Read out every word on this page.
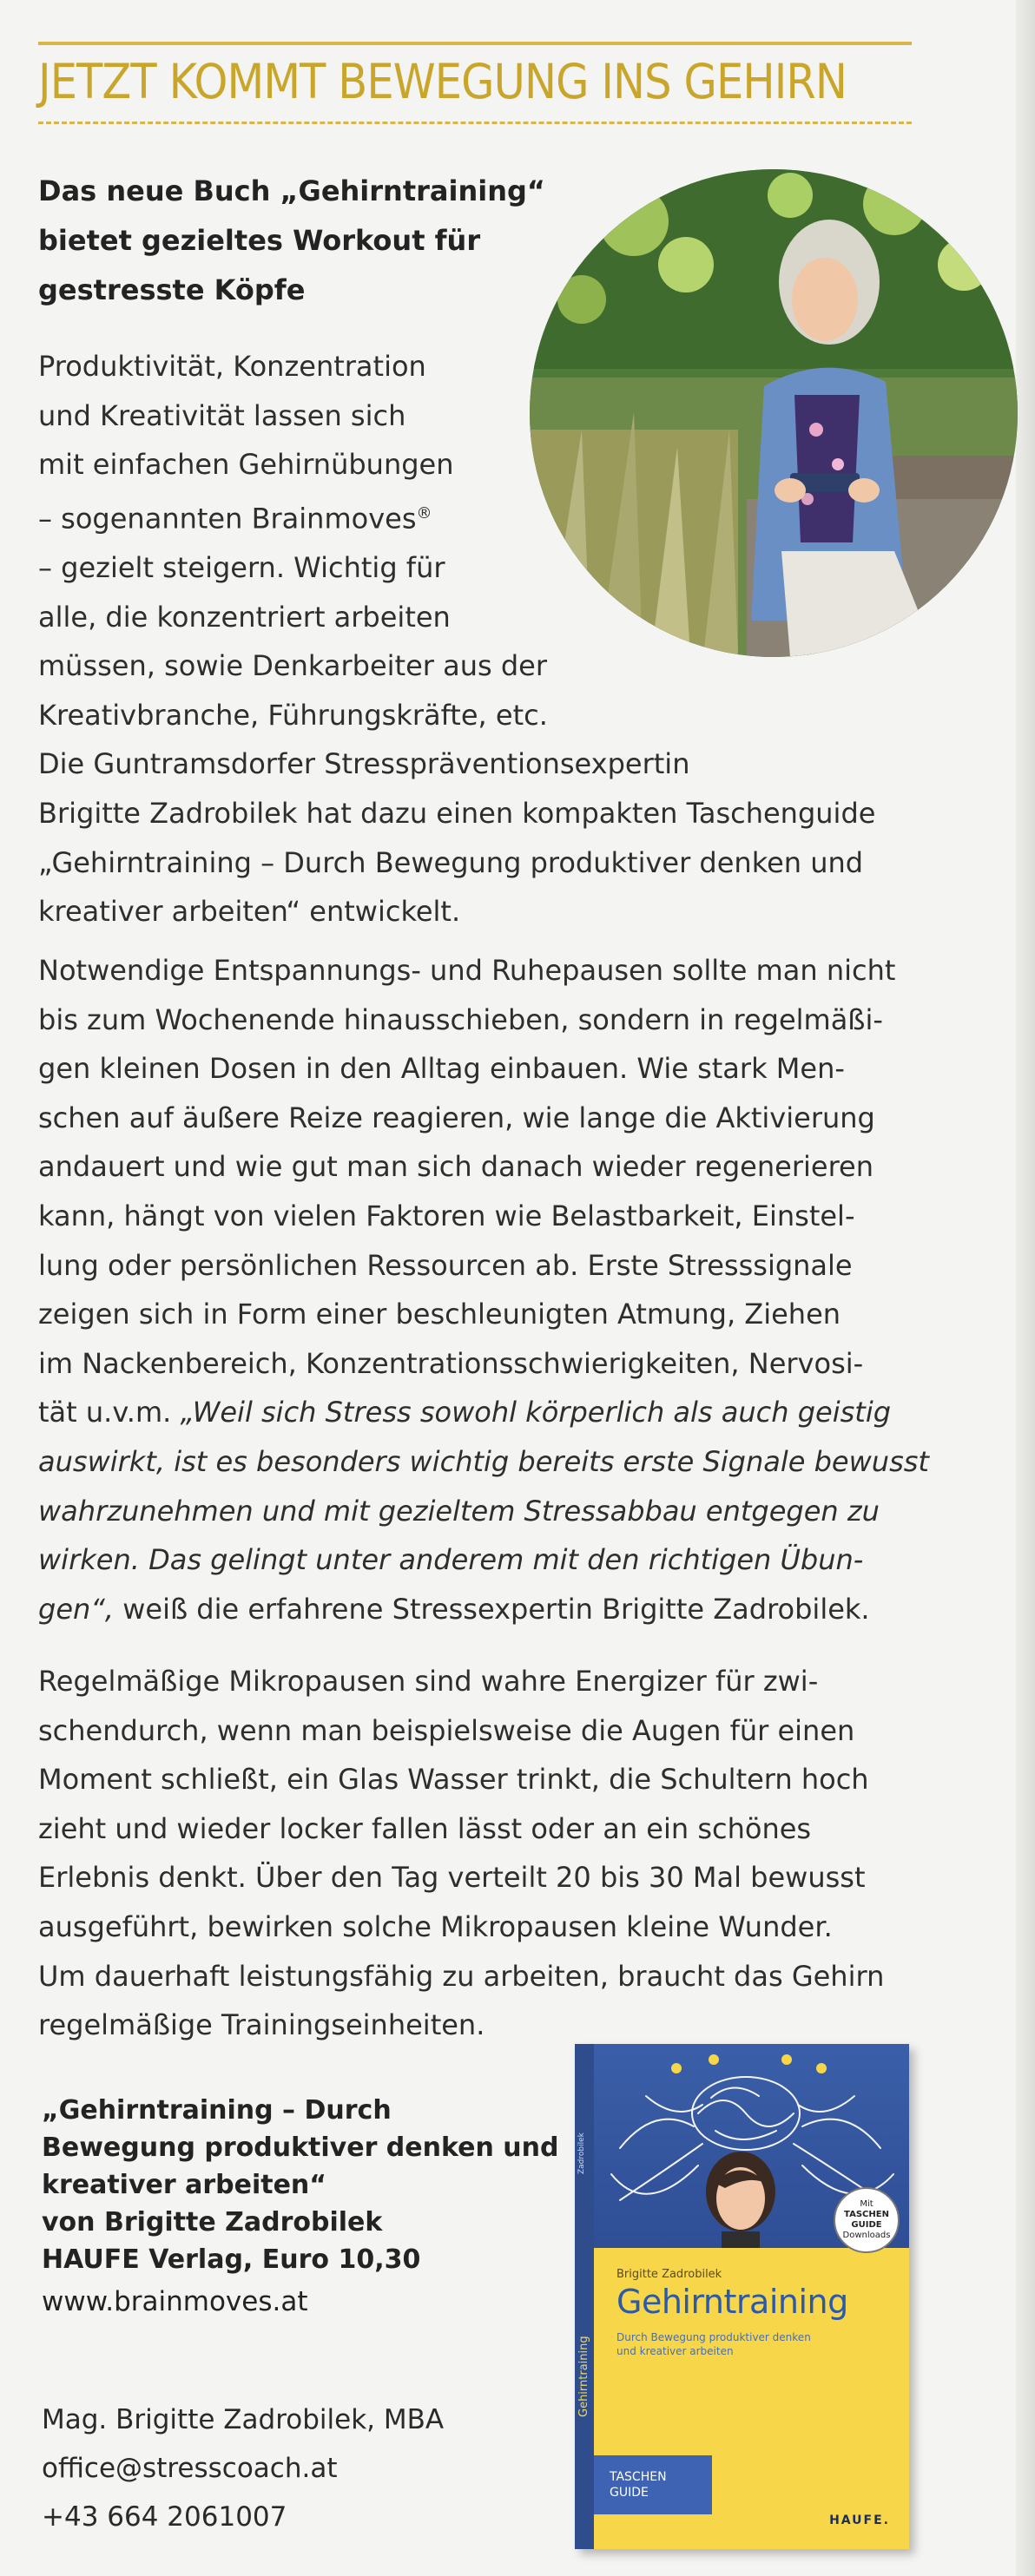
JETZT KOMMT BEWEGUNG INS GEHIRN
Das neue Buch „Gehirntraining“
bietet gezieltes Workout für
gestresste Köpfe
Produktivität, Konzentration
und Kreativität lassen sich
mit einfachen Gehirnübungen
– sogenannten Brainmoves®
– gezielt steigern. Wichtig für
alle, die konzentriert arbeiten
müssen, sowie Denkarbeiter aus der
Kreativbranche, Führungskräfte, etc.
Die Guntramsdorfer Stresspräventionsexpertin
Brigitte Zadrobilek hat dazu einen kompakten Taschenguide
„Gehirntraining – Durch Bewegung produktiver denken und
kreativer arbeiten“ entwickelt.
Notwendige Entspannungs- und Ruhepausen sollte man nicht
bis zum Wochenende hinausschieben, sondern in regelmäßi-
gen kleinen Dosen in den Alltag einbauen. Wie stark Men-
schen auf äußere Reize reagieren, wie lange die Aktivierung
andauert und wie gut man sich danach wieder regenerieren
kann, hängt von vielen Faktoren wie Belastbarkeit, Einstel-
lung oder persönlichen Ressourcen ab. Erste Stresssignale
zeigen sich in Form einer beschleunigten Atmung, Ziehen
im Nackenbereich, Konzentrationsschwierigkeiten, Nervosi-
tät u.v.m. „Weil sich Stress sowohl körperlich als auch geistig
auswirkt, ist es besonders wichtig bereits erste Signale bewusst
wahrzunehmen und mit gezieltem Stressabbau entgegen zu
wirken. Das gelingt unter anderem mit den richtigen Übun-
gen“, weiß die erfahrene Stressexpertin Brigitte Zadrobilek.
Regelmäßige Mikropausen sind wahre Energizer für zwi-
schendurch, wenn man beispielsweise die Augen für einen
Moment schließt, ein Glas Wasser trinkt, die Schultern hoch
zieht und wieder locker fallen lässt oder an ein schönes
Erlebnis denkt. Über den Tag verteilt 20 bis 30 Mal bewusst
ausgeführt, bewirken solche Mikropausen kleine Wunder.
Um dauerhaft leistungsfähig zu arbeiten, braucht das Gehirn
regelmäßige Trainingseinheiten.
„Gehirntraining – Durch
Bewegung produktiver denken und
kreativer arbeiten“
von Brigitte Zadrobilek
HAUFE Verlag, Euro 10,30
www.brainmoves.at
Mag. Brigitte Zadrobilek, MBA
office@stresscoach.at
+43 664 2061007
Zadrobilek
Gehirntraining
Brigitte Zadrobilek
Gehirntraining
Durch Bewegung produktiver denken
und kreativer arbeiten
Mit
TASCHEN
GUIDE
Downloads
TASCHEN
GUIDE
HAUFE.
